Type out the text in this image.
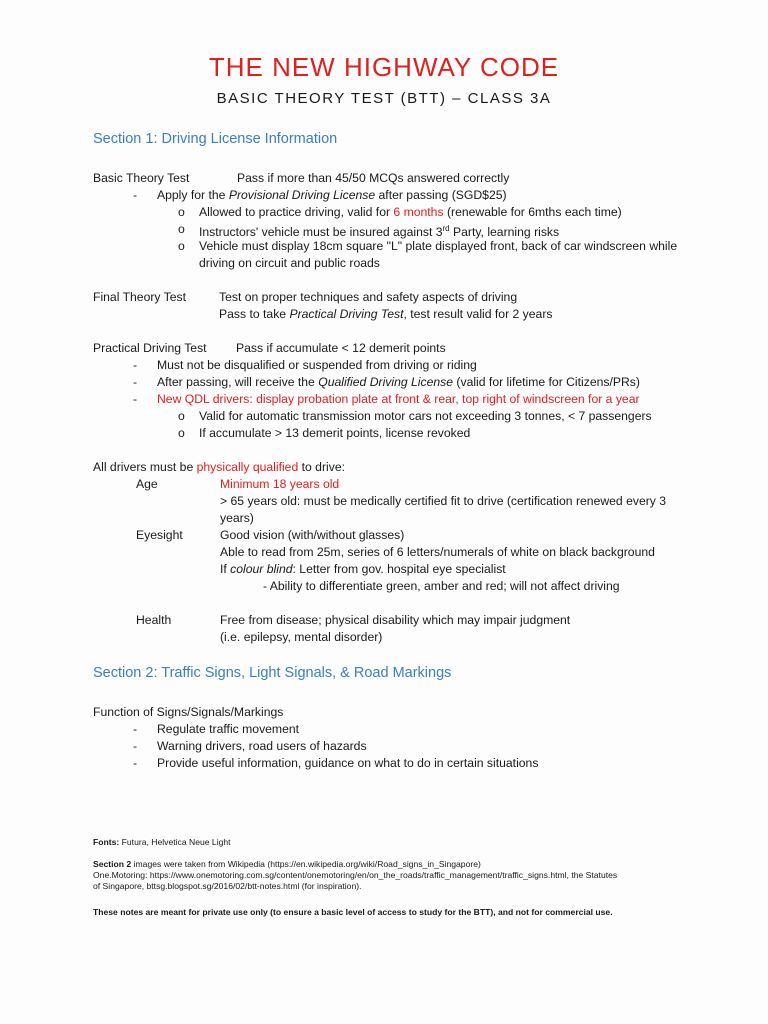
THE NEW HIGHWAY CODE
BASIC THEORY TEST (BTT) – CLASS 3A
Section 1: Driving License Information
Basic Theory Test	Pass if more than 45/50 MCQs answered correctly
- Apply for the Provisional Driving License after passing (SGD$25)
o Allowed to practice driving, valid for 6 months (renewable for 6mths each time)
o Instructors' vehicle must be insured against 3rd Party, learning risks
o Vehicle must display 18cm square "L" plate displayed front, back of car windscreen while
driving on circuit and public roads
Final Theory Test	Test on proper techniques and safety aspects of driving
Pass to take Practical Driving Test, test result valid for 2 years
Practical Driving Test Pass if accumulate < 12 demerit points
- Must not be disqualified or suspended from driving or riding
- After passing, will receive the Qualified Driving License (valid for lifetime for Citizens/PRs)
- New QDL drivers: display probation plate at front & rear, top right of windscreen for a year
o Valid for automatic transmission motor cars not exceeding 3 tonnes, < 7 passengers
o If accumulate > 13 demerit points, license revoked
All drivers must be physically qualified to drive:
Age	Minimum 18 years old
> 65 years old: must be medically certified fit to drive (certification renewed every 3
years)
Eyesight	Good vision (with/without glasses)
Able to read from 25m, series of 6 letters/numerals of white on black background
If colour blind: Letter from gov. hospital eye specialist
- Ability to differentiate green, amber and red; will not affect driving
Health	Free from disease; physical disability which may impair judgment
(i.e. epilepsy, mental disorder)
Section 2: Traffic Signs, Light Signals, & Road Markings
Function of Signs/Signals/Markings
- Regulate traffic movement
- Warning drivers, road users of hazards
- Provide useful information, guidance on what to do in certain situations
Fonts: Futura, Helvetica Neue Light
Section 2 images were taken from Wikipedia (https://en.wikipedia.org/wiki/Road_signs_in_Singapore)
One.Motoring: https://www.onemotoring.com.sg/content/onemotoring/en/on_the_roads/traffic_management/traffic_signs.html, the Statutes
of Singapore, bttsg.blogspot.sg/2016/02/btt-notes.html (for inspiration).
These notes are meant for private use only (to ensure a basic level of access to study for the BTT), and not for commercial use.
